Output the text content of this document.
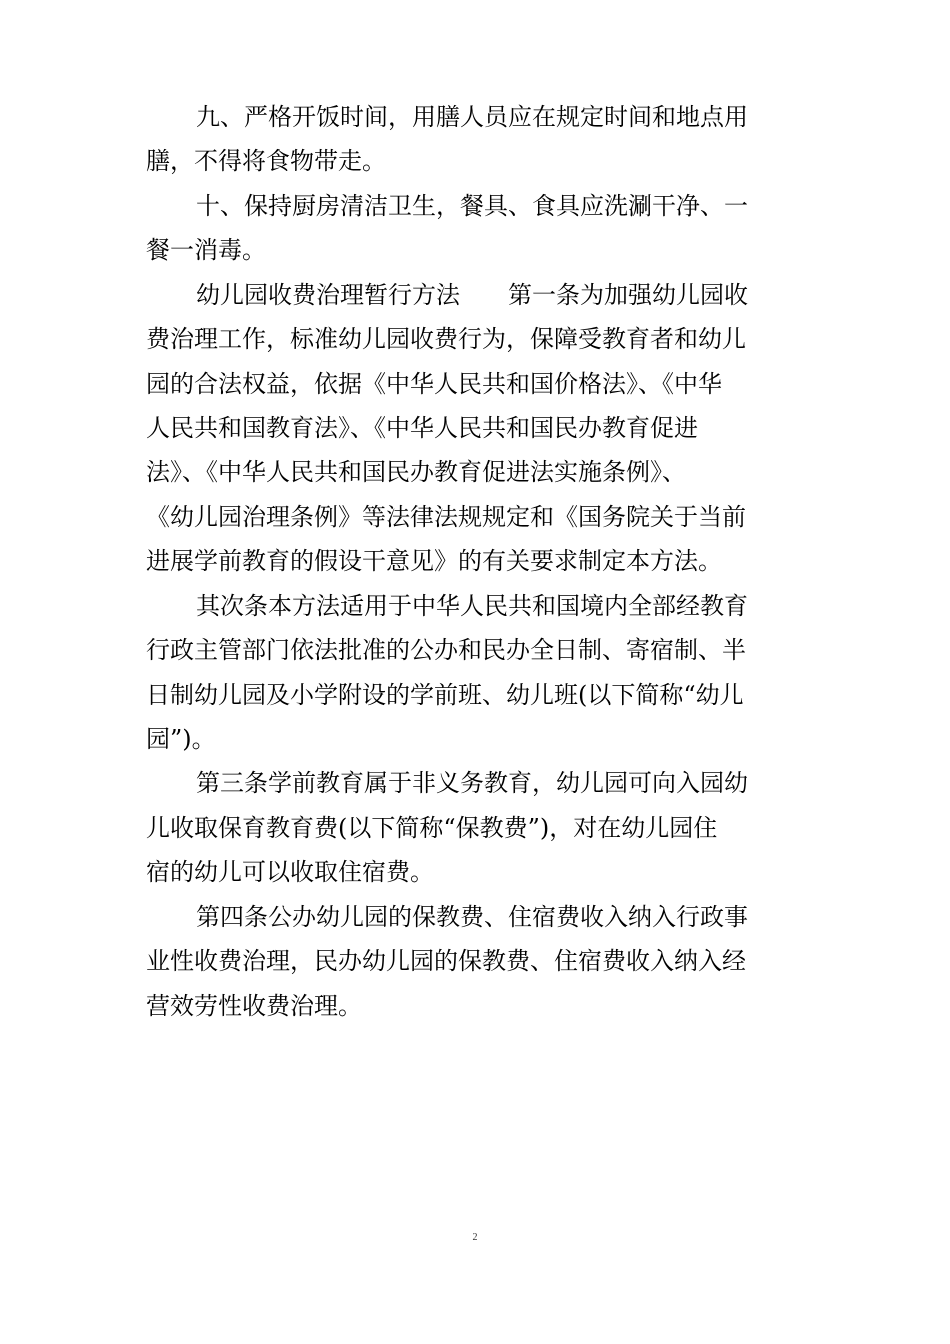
九、严格开饭时间，用膳人员应在规定时间和地点用
膳，不得将食物带走。
十、保持厨房清洁卫生，餐具、食具应洗涮干净、一
餐一消毒。
幼儿园收费治理暂行方法　　第一条为加强幼儿园收
费治理工作，标准幼儿园收费行为，保障受教育者和幼儿
园的合法权益，依据《中华人民共和国价格法》、《中华
人民共和国教育法》、《中华人民共和国民办教育促进
法》、《中华人民共和国民办教育促进法实施条例》、
《幼儿园治理条例》等法律法规规定和《国务院关于当前
进展学前教育的假设干意见》的有关要求制定本方法。
其次条本方法适用于中华人民共和国境内全部经教育
行政主管部门依法批准的公办和民办全日制、寄宿制、半
日制幼儿园及小学附设的学前班、幼儿班(以下简称“幼儿
园”)。
第三条学前教育属于非义务教育，幼儿园可向入园幼
儿收取保育教育费(以下简称“保教费”)，对在幼儿园住
宿的幼儿可以收取住宿费。
第四条公办幼儿园的保教费、住宿费收入纳入行政事
业性收费治理，民办幼儿园的保教费、住宿费收入纳入经
营效劳性收费治理。
2
